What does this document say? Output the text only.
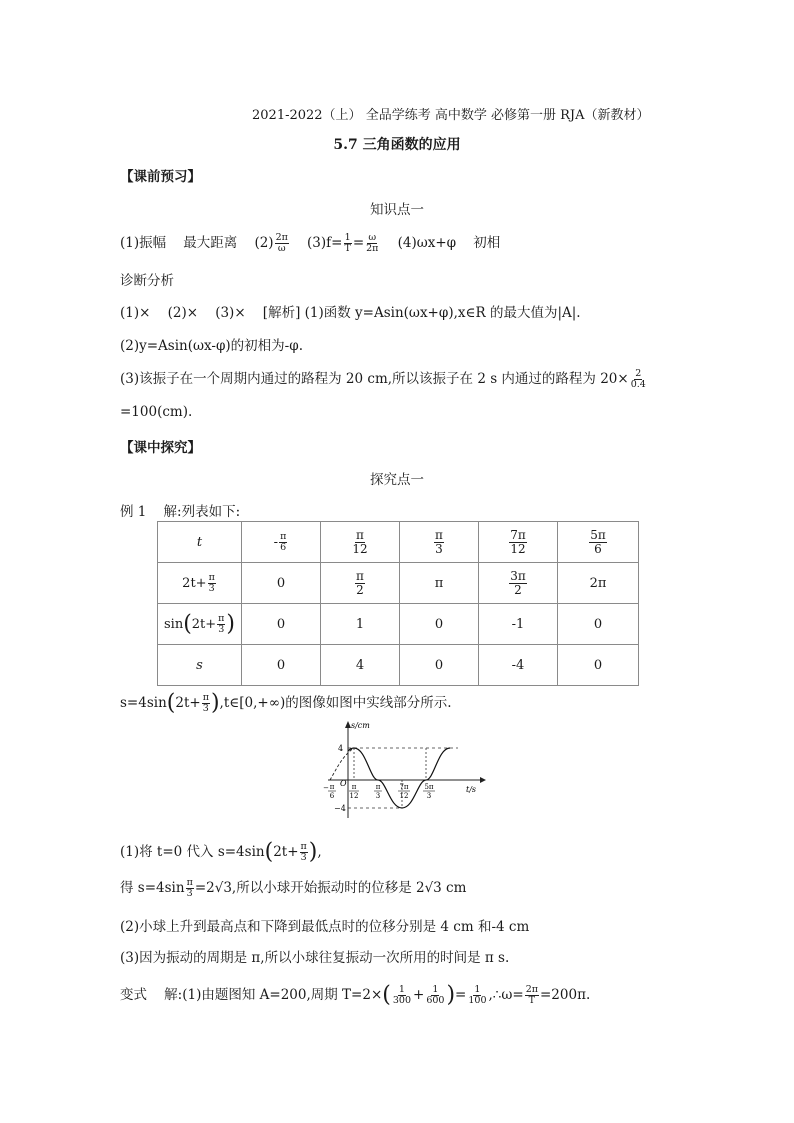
2021-2022（上） 全品学练考 高中数学 必修第一册 RJA（新教材）
5.7 三角函数的应用
【课前预习】
知识点一
(1)振幅    最大距离    $(2) \frac{2\pi}{\omega} (3)f= \frac{1}{T} = \frac{\omega}{2\pi} (4)\omega x+\varphi$    初相
诊断分析
(1)×    (2)×    (3)×    [解析] (1)函数 y=Asin(ωx+φ),x∈R 的最大值为|A|.
(2)y=Asin(ωx-φ)的初相为-φ.
(3)该振子在一个周期内通过的路程为 20 cm,所以该振子在 2 s 内通过的路程为 $20\times \frac{2}{0.4}$
=100(cm).
【课中探究】
探究点一
例 1    解:列表如下:
t	- $\frac{\pi}{6}$	$\frac{\pi}{12}$	$\frac{\pi}{3}$	$\frac{7\pi}{12}$	$\frac{5\pi}{6}$

$2t+ \frac{\pi}{3}$	0	$\frac{\pi}{2}$	π	$\frac{3\pi}{2}$	2π
$\sin(2t+ \frac{\pi}{3}$ )	0	1	0	-1	0
s	0	4	0	-4	0
$s=4\sin(2t+ \frac{\pi}{3}$ ),t∈[0,+∞)的图像如图中实线部分所示.
s/cm
t/s
4
−4
O
− π
6
π
12
π
3
7π
12
5π
3
(1)将 t=0 代入 $s=4\sin(2t+ \frac{\pi}{3}$ ),
得 $s=4\sin \frac{\pi}{3} =2√3$,所以小球开始振动时的位移是 2√3 cm
(2)小球上升到最高点和下降到最低点时的位移分别是 4 cm 和-4 cm
(3)因为振动的周期是 π,所以小球往复振动一次所用的时间是 π s.
变式    解:(1)由题图知 A=200,周期 $T=2\times( \frac{1}{300} + \frac{1}{600}$ )= $\frac{1}{100}$ ,∴ω= $\frac{2\pi}{T} =200\pi$.
